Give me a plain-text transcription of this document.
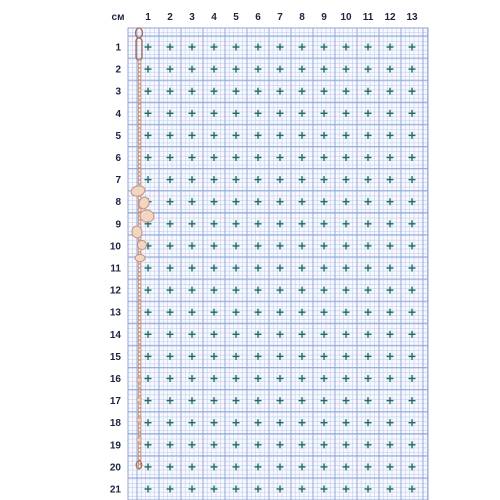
см 1 2 3 4 5 6 7 8 9 10 11 12 13
1
2
3
4
5
6
7
8
9
10
11
12
13
14
15
16
17
18
19
20
21
